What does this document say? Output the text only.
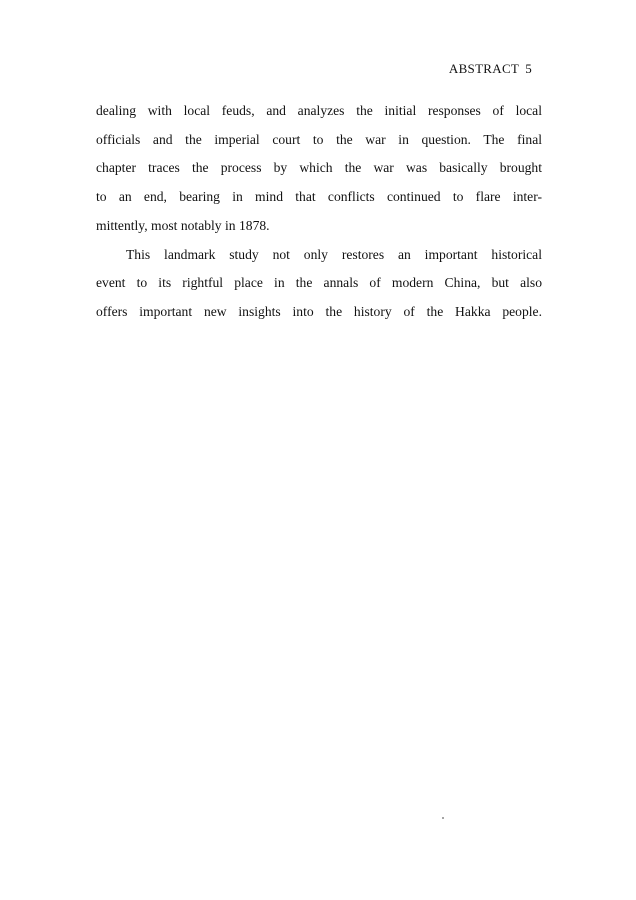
ABSTRACT 5
dealing with local feuds, and analyzes the initial responses of local
officials and the imperial court to the war in question. The final
chapter traces the process by which the war was basically brought
to an end, bearing in mind that conflicts continued to flare inter-
mittently, most notably in 1878.
This landmark study not only restores an important historical
event to its rightful place in the annals of modern China, but also
offers important new insights into the history of the Hakka people.
